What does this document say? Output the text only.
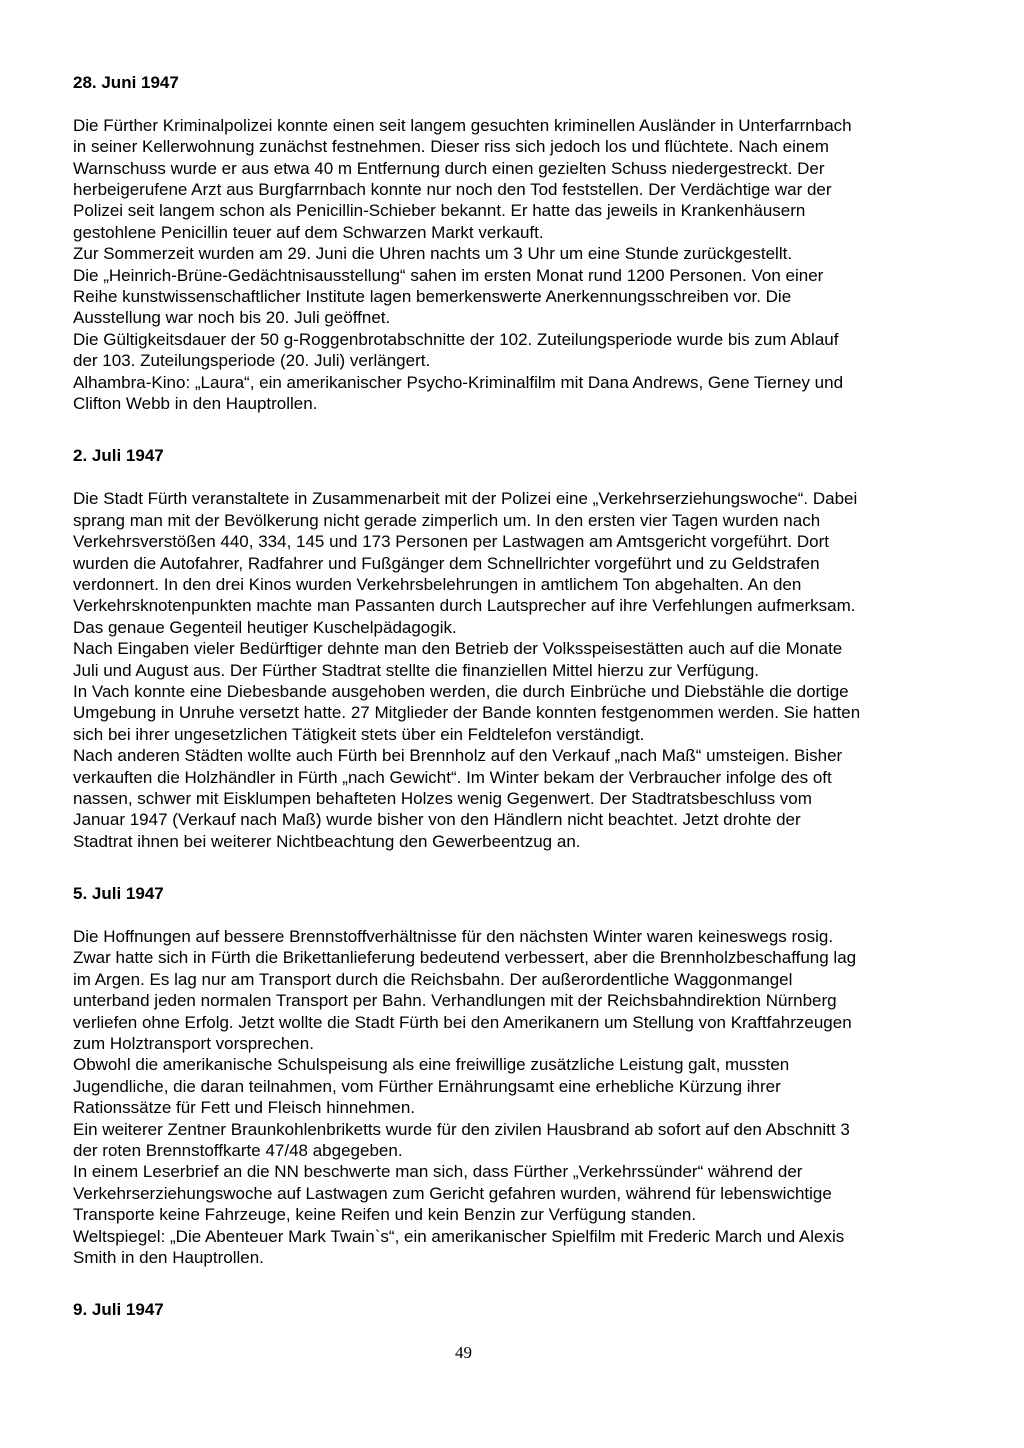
28. Juni 1947
Die Fürther Kriminalpolizei konnte einen seit langem gesuchten kriminellen Ausländer in Unterfarrnbach
in seiner Kellerwohnung zunächst festnehmen. Dieser riss sich jedoch los und flüchtete. Nach einem
Warnschuss wurde er aus etwa 40 m Entfernung durch einen gezielten Schuss niedergestreckt. Der
herbeigerufene Arzt aus Burgfarrnbach konnte nur noch den Tod feststellen. Der Verdächtige war der
Polizei seit langem schon als Penicillin-Schieber bekannt. Er hatte das jeweils in Krankenhäusern
gestohlene Penicillin teuer auf dem Schwarzen Markt verkauft.
Zur Sommerzeit wurden am 29. Juni die Uhren nachts um 3 Uhr um eine Stunde zurückgestellt.
Die „Heinrich-Brüne-Gedächtnisausstellung“ sahen im ersten Monat rund 1200 Personen. Von einer
Reihe kunstwissenschaftlicher Institute lagen bemerkenswerte Anerkennungsschreiben vor. Die
Ausstellung war noch bis 20. Juli geöffnet.
Die Gültigkeitsdauer der 50 g-Roggenbrotabschnitte der 102. Zuteilungsperiode wurde bis zum Ablauf
der 103. Zuteilungsperiode (20. Juli) verlängert.
Alhambra-Kino: „Laura“, ein amerikanischer Psycho-Kriminalfilm mit Dana Andrews, Gene Tierney und
Clifton Webb in den Hauptrollen.
2. Juli 1947
Die Stadt Fürth veranstaltete in Zusammenarbeit mit der Polizei eine „Verkehrserziehungswoche“. Dabei
sprang man mit der Bevölkerung nicht gerade zimperlich um. In den ersten vier Tagen wurden nach
Verkehrsverstößen 440, 334, 145 und 173 Personen per Lastwagen am Amtsgericht vorgeführt. Dort
wurden die Autofahrer, Radfahrer und Fußgänger dem Schnellrichter vorgeführt und zu Geldstrafen
verdonnert. In den drei Kinos wurden Verkehrsbelehrungen in amtlichem Ton abgehalten. An den
Verkehrsknotenpunkten machte man Passanten durch Lautsprecher auf ihre Verfehlungen aufmerksam.
Das genaue Gegenteil heutiger Kuschelpädagogik.
Nach Eingaben vieler Bedürftiger dehnte man den Betrieb der Volksspeisestätten auch auf die Monate
Juli und August aus. Der Fürther Stadtrat stellte die finanziellen Mittel hierzu zur Verfügung.
In Vach konnte eine Diebesbande ausgehoben werden, die durch Einbrüche und Diebstähle die dortige
Umgebung in Unruhe versetzt hatte. 27 Mitglieder der Bande konnten festgenommen werden. Sie hatten
sich bei ihrer ungesetzlichen Tätigkeit stets über ein Feldtelefon verständigt.
Nach anderen Städten wollte auch Fürth bei Brennholz auf den Verkauf „nach Maß“ umsteigen. Bisher
verkauften die Holzhändler in Fürth „nach Gewicht“. Im Winter bekam der Verbraucher infolge des oft
nassen, schwer mit Eisklumpen behafteten Holzes wenig Gegenwert. Der Stadtratsbeschluss vom
Januar 1947 (Verkauf nach Maß) wurde bisher von den Händlern nicht beachtet. Jetzt drohte der
Stadtrat ihnen bei weiterer Nichtbeachtung den Gewerbeentzug an.
5. Juli 1947
Die Hoffnungen auf bessere Brennstoffverhältnisse für den nächsten Winter waren keineswegs rosig.
Zwar hatte sich in Fürth die Brikettanlieferung bedeutend verbessert, aber die Brennholzbeschaffung lag
im Argen. Es lag nur am Transport durch die Reichsbahn. Der außerordentliche Waggonmangel
unterband jeden normalen Transport per Bahn. Verhandlungen mit der Reichsbahndirektion Nürnberg
verliefen ohne Erfolg. Jetzt wollte die Stadt Fürth bei den Amerikanern um Stellung von Kraftfahrzeugen
zum Holztransport vorsprechen.
Obwohl die amerikanische Schulspeisung als eine freiwillige zusätzliche Leistung galt, mussten
Jugendliche, die daran teilnahmen, vom Fürther Ernährungsamt eine erhebliche Kürzung ihrer
Rationssätze für Fett und Fleisch hinnehmen.
Ein weiterer Zentner Braunkohlenbriketts wurde für den zivilen Hausbrand ab sofort auf den Abschnitt 3
der roten Brennstoffkarte 47/48 abgegeben.
In einem Leserbrief an die NN beschwerte man sich, dass Fürther „Verkehrssünder“ während der
Verkehrserziehungswoche auf Lastwagen zum Gericht gefahren wurden, während für lebenswichtige
Transporte keine Fahrzeuge, keine Reifen und kein Benzin zur Verfügung standen.
Weltspiegel: „Die Abenteuer Mark Twain`s“, ein amerikanischer Spielfilm mit Frederic March und Alexis
Smith in den Hauptrollen.
9. Juli 1947
49
